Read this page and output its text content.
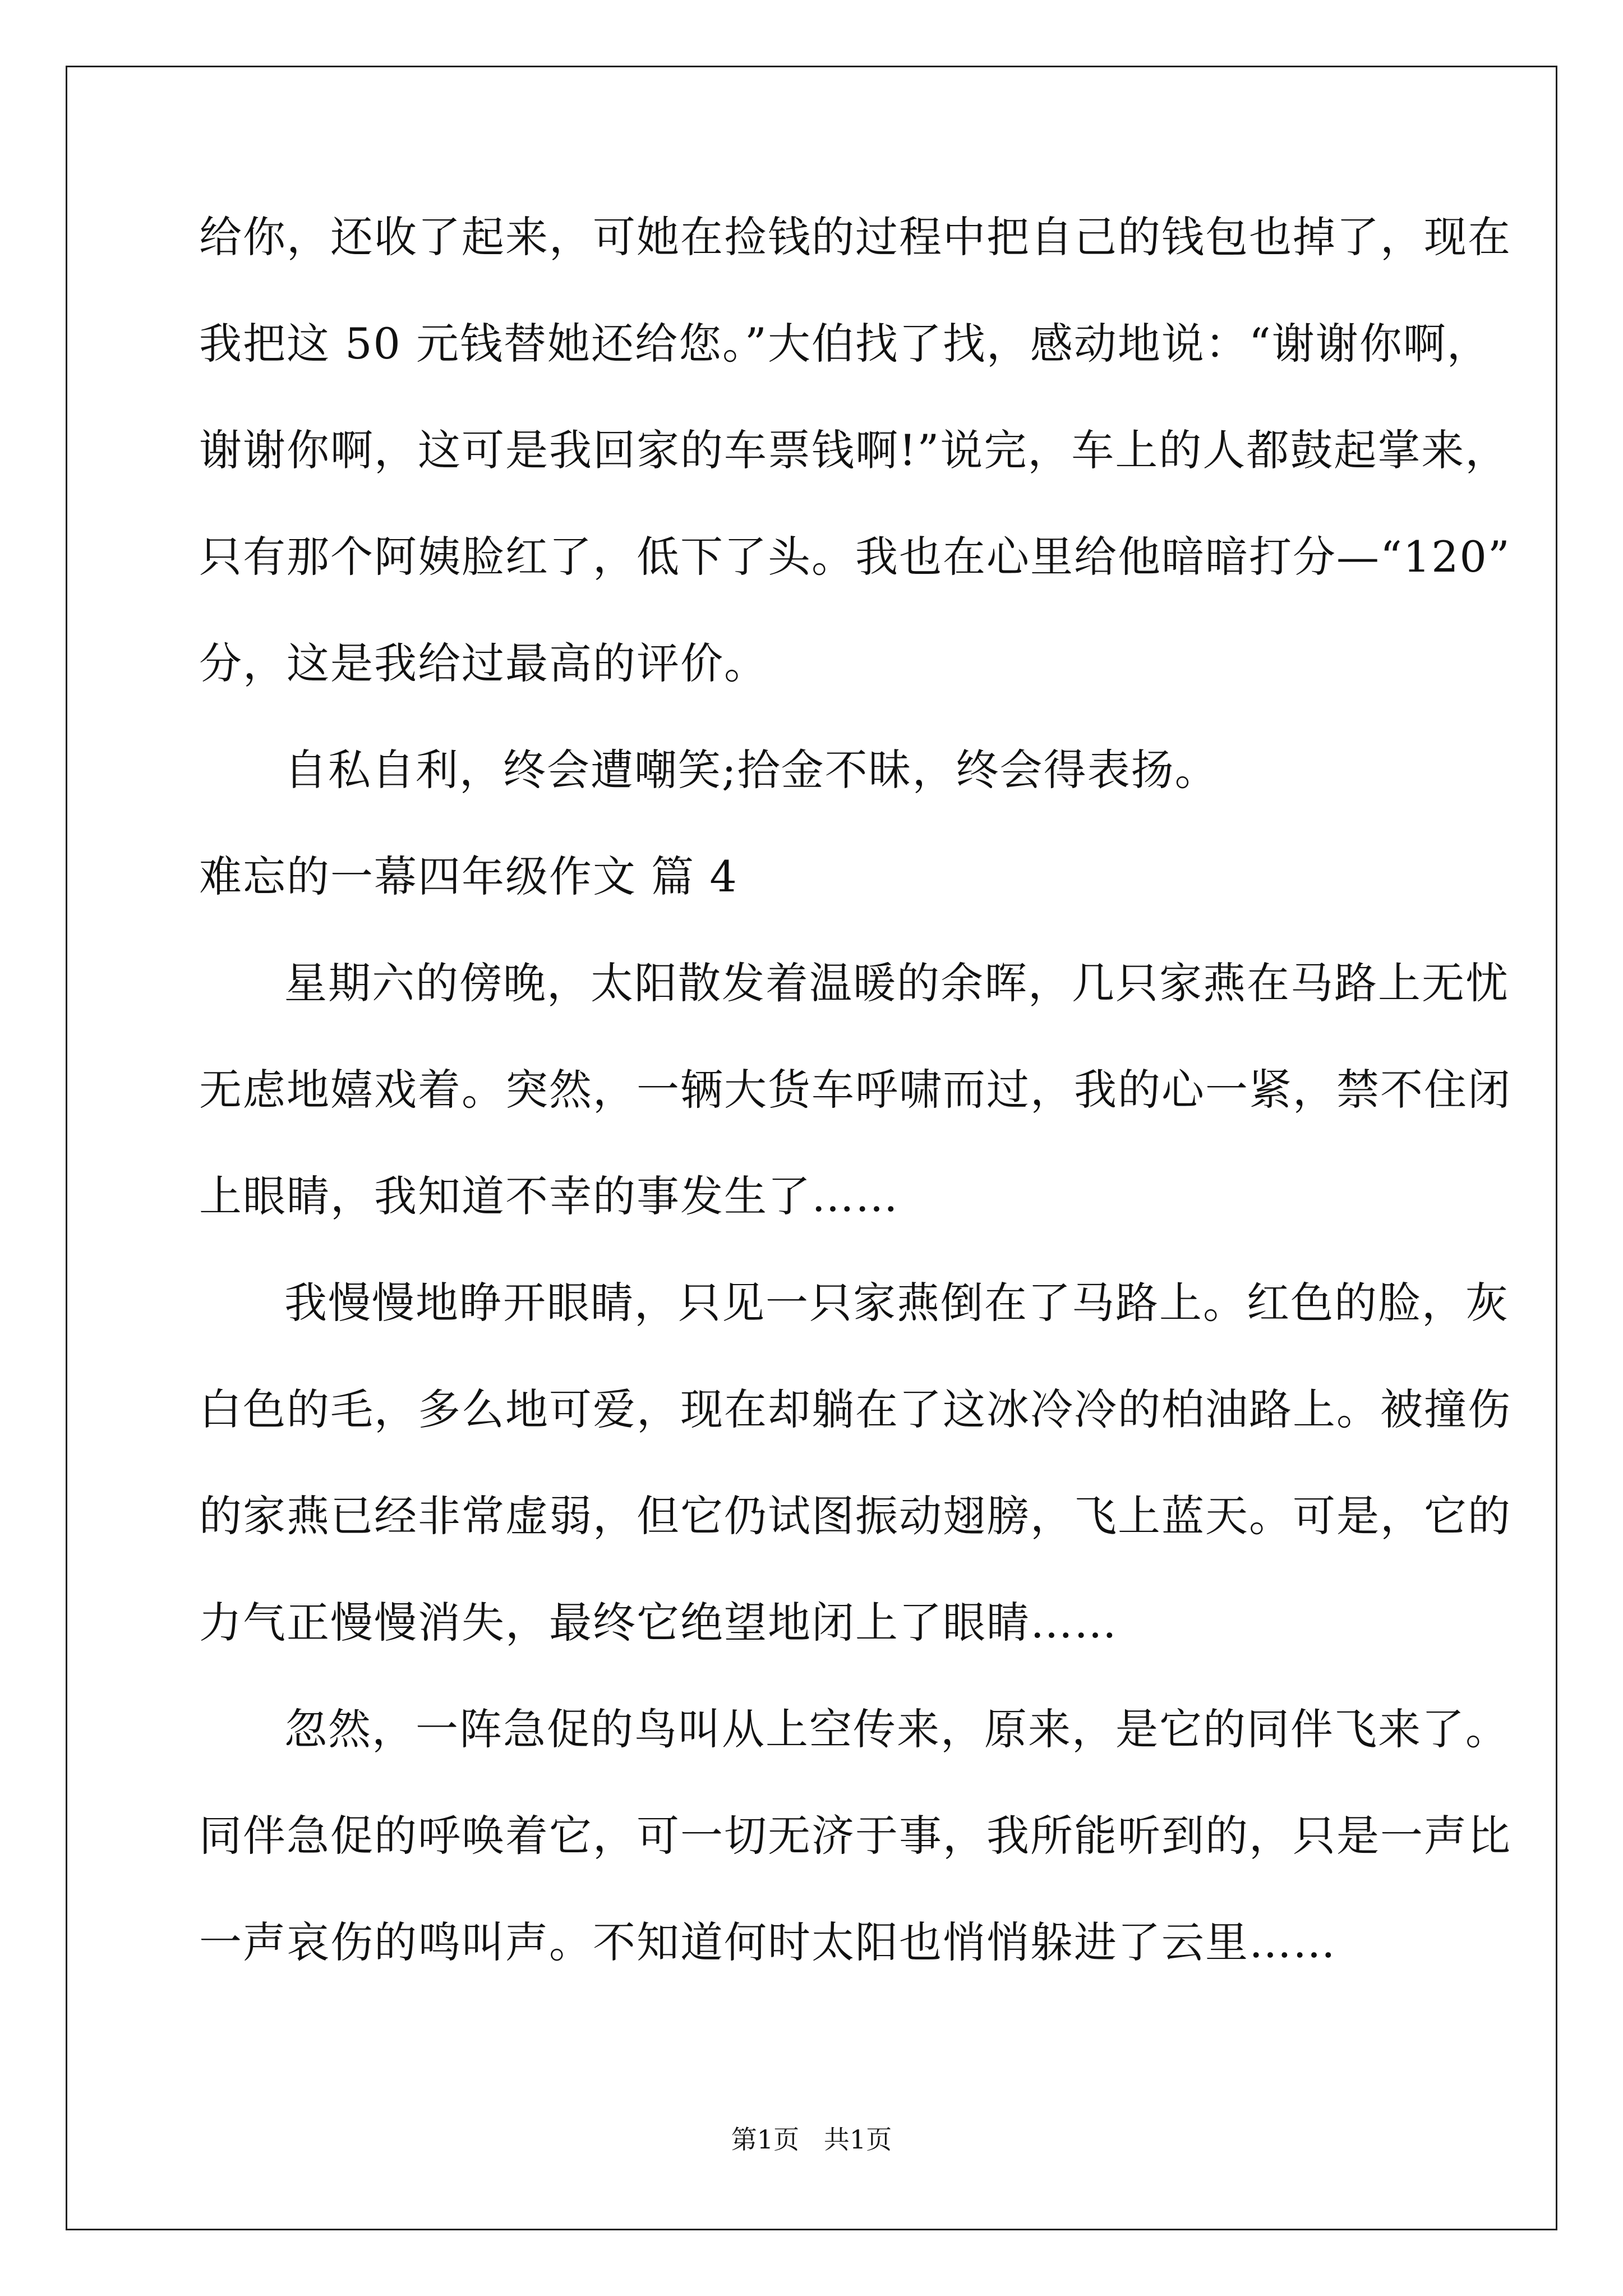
给你，还收了起来，可她在捡钱的过程中把自己的钱包也掉了，现在
我把这 50 元钱替她还给您。”大伯找了找，感动地说：“谢谢你啊，
谢谢你啊，这可是我回家的车票钱啊!”说完，车上的人都鼓起掌来，
只有那个阿姨脸红了，低下了头。我也在心里给他暗暗打分—“120”
分，这是我给过最高的评价。
自私自利，终会遭嘲笑;拾金不昧，终会得表扬。
难忘的一幕四年级作文 篇 4
星期六的傍晚，太阳散发着温暖的余晖，几只家燕在马路上无忧
无虑地嬉戏着。突然，一辆大货车呼啸而过，我的心一紧，禁不住闭
上眼睛，我知道不幸的事发生了……
我慢慢地睁开眼睛，只见一只家燕倒在了马路上。红色的脸，灰
白色的毛，多么地可爱，现在却躺在了这冰冷冷的柏油路上。被撞伤
的家燕已经非常虚弱，但它仍试图振动翅膀，飞上蓝天。可是，它的
力气正慢慢消失，最终它绝望地闭上了眼睛……
忽然，一阵急促的鸟叫从上空传来，原来，是它的同伴飞来了。
同伴急促的呼唤着它，可一切无济于事，我所能听到的，只是一声比
一声哀伤的鸣叫声。不知道何时太阳也悄悄躲进了云里……
第1页   共1页
